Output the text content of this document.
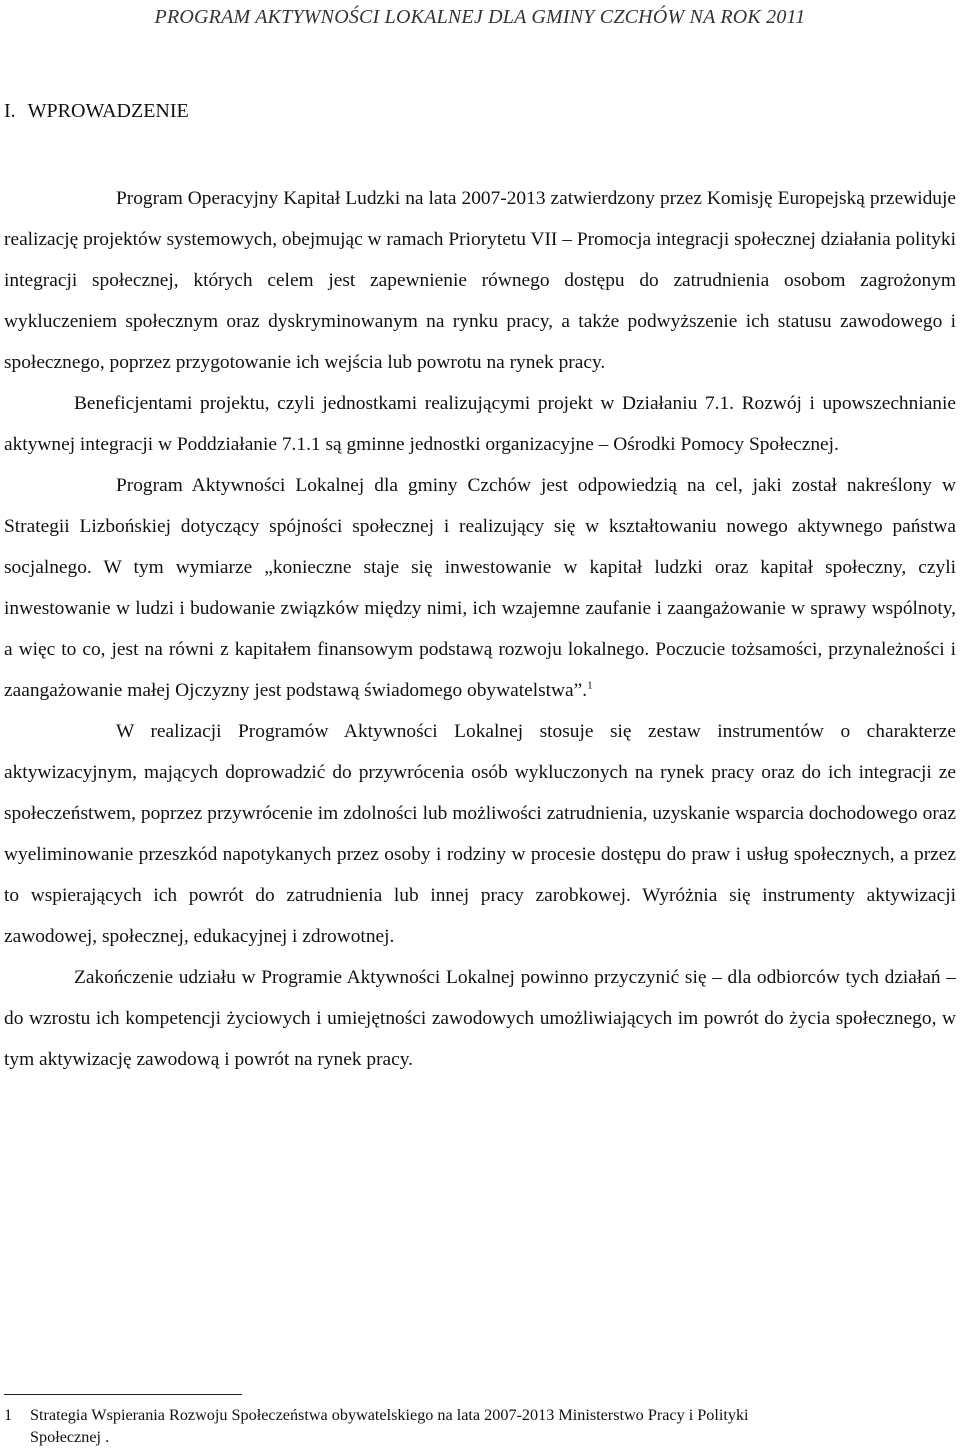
PROGRAM AKTYWNOŚCI LOKALNEJ DLA GMINY CZCHÓW NA ROK 2011
I. WPROWADZENIE

Program Operacyjny Kapitał Ludzki na lata 2007-2013 zatwierdzony przez Komisję Europejską przewiduje realizację projektów systemowych, obejmując w ramach Priorytetu VII – Promocja integracji społecznej działania polityki integracji społecznej, których celem jest zapewnienie równego dostępu do zatrudnienia osobom zagrożonym wykluczeniem społecznym oraz dyskryminowanym na rynku pracy, a także podwyższenie ich statusu zawodowego i społecznego, poprzez przygotowanie ich wejścia lub powrotu na rynek pracy.

Beneficjentami projektu, czyli jednostkami realizującymi projekt w Działaniu 7.1. Rozwój i upowszechnianie aktywnej integracji w Poddziałanie 7.1.1 są gminne jednostki organizacyjne – Ośrodki Pomocy Społecznej.

Program Aktywności Lokalnej dla gminy Czchów jest odpowiedzią na cel, jaki został nakreślony w Strategii Lizbońskiej dotyczący spójności społecznej i realizujący się w kształtowaniu nowego aktywnego państwa socjalnego. W tym wymiarze „konieczne staje się inwestowanie w kapitał ludzki oraz kapitał społeczny, czyli inwestowanie w ludzi i budowanie związków między nimi, ich wzajemne zaufanie i zaangażowanie w sprawy wspólnoty, a więc to co, jest na równi z kapitałem finansowym podstawą rozwoju lokalnego. Poczucie tożsamości, przynależności i zaangażowanie małej Ojczyzny jest podstawą świadomego obywatelstwa”.$^1$

W realizacji Programów Aktywności Lokalnej stosuje się zestaw instrumentów o charakterze aktywizacyjnym, mających doprowadzić do przywrócenia osób wykluczonych na rynek pracy oraz do ich integracji ze społeczeństwem, poprzez przywrócenie im zdolności lub możliwości zatrudnienia, uzyskanie wsparcia dochodowego oraz wyeliminowanie przeszkód napotykanych przez osoby i rodziny w procesie dostępu do praw i usług społecznych, a przez to wspierających ich powrót do zatrudnienia lub innej pracy zarobkowej. Wyróżnia się instrumenty aktywizacji zawodowej, społecznej, edukacyjnej i zdrowotnej.

Zakończenie udziału w Programie Aktywności Lokalnej powinno przyczynić się – dla odbiorców tych działań – do wzrostu ich kompetencji życiowych i umiejętności zawodowych umożliwiających im powrót do życia społecznego, w tym aktywizację zawodową i powrót na rynek pracy.

1 Strategia Wspierania Rozwoju Społeczeństwa obywatelskiego na lata 2007-2013 Ministerstwo Pracy i Polityki
Społecznej .
